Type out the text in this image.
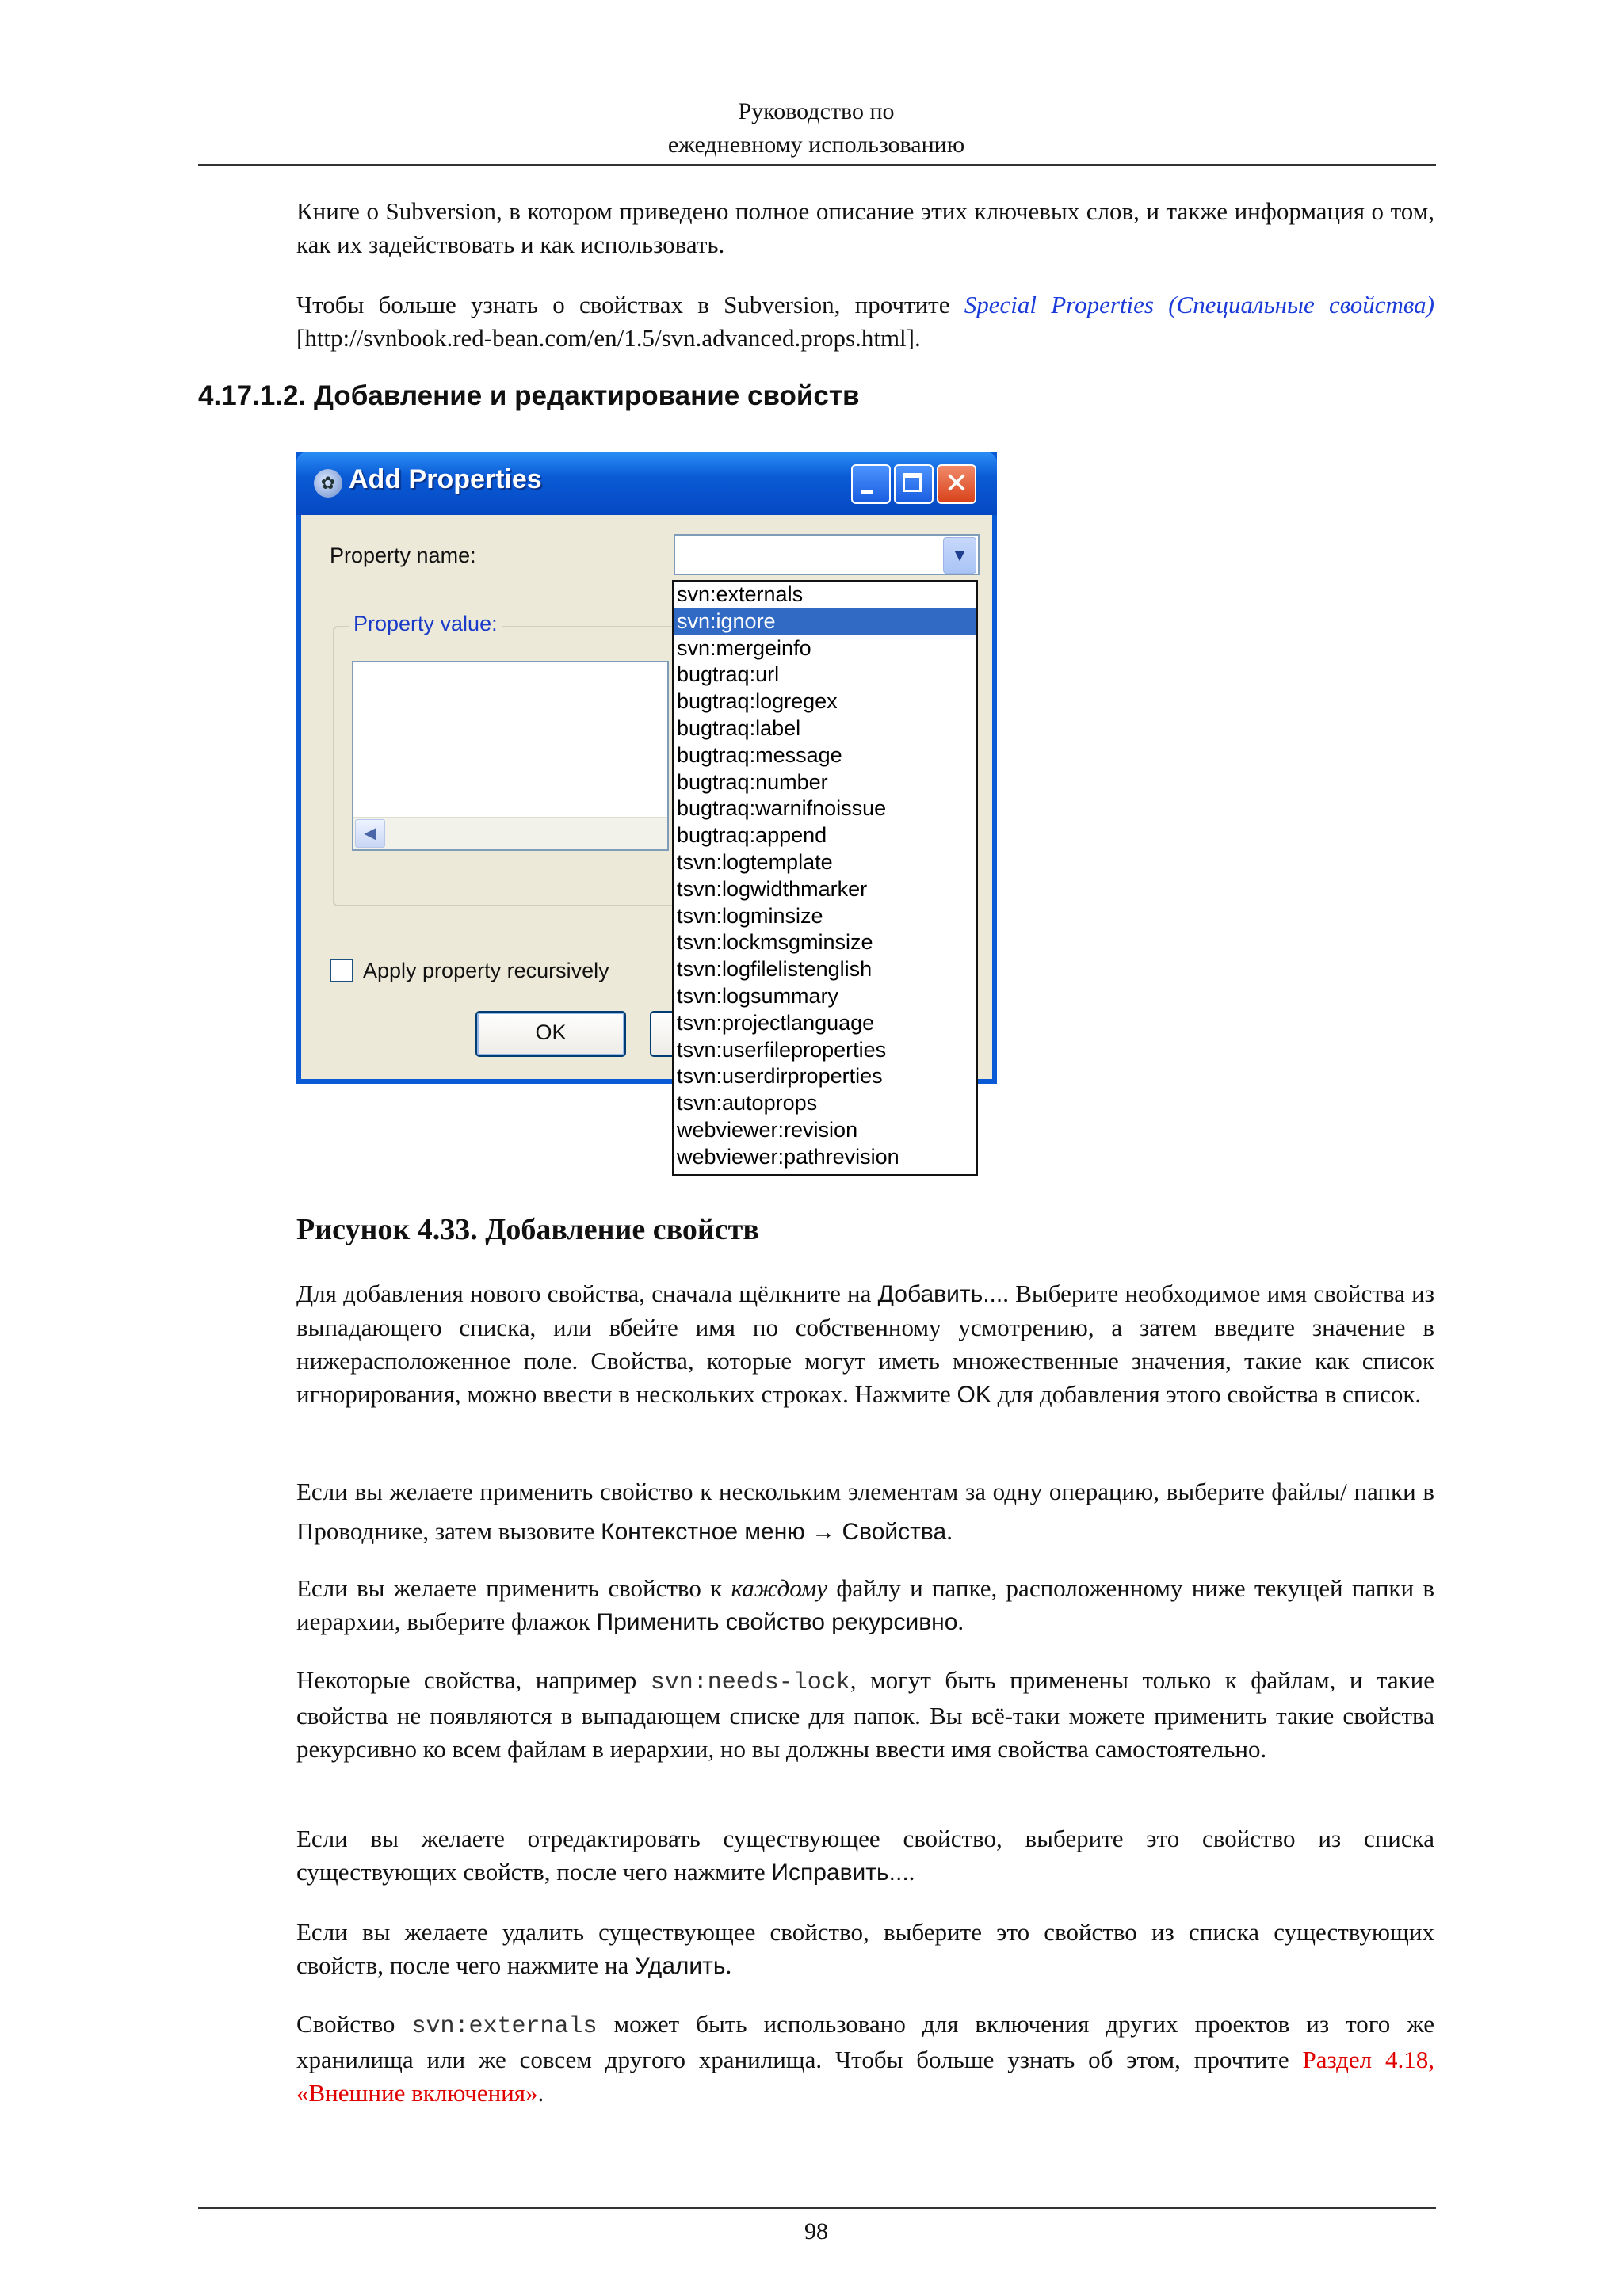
Руководство по
ежедневному использованию

Книге о Subversion, в котором приведено полное описание этих ключевых слов, и также информация о том, как их задействовать и как использовать.

Чтобы больше узнать о свойствах в Subversion, прочтите Special Properties (Специальные свойства) [http://svnbook.red-bean.com/en/1.5/svn.advanced.props.html].

4.17.1.2. Добавление и редактирование свойств
✿ Add Properties	✕
Property name:	▼
Property value:
◀
Apply property recursively
OK
svn:externals
svn:ignore
svn:mergeinfo
bugtraq:url
bugtraq:logregex
bugtraq:label
bugtraq:message
bugtraq:number
bugtraq:warnifnoissue
bugtraq:append
tsvn:logtemplate
tsvn:logwidthmarker
tsvn:logminsize
tsvn:lockmsgminsize
tsvn:logfilelistenglish
tsvn:logsummary
tsvn:projectlanguage
tsvn:userfileproperties
tsvn:userdirproperties
tsvn:autoprops
webviewer:revision
webviewer:pathrevision
Рисунок 4.33. Добавление свойств

Для добавления нового свойства, сначала щёлкните на Добавить.... Выберите необходимое имя свойства из выпадающего списка, или вбейте имя по собственному усмотрению, а затем введите значение в нижерасположенное поле. Свойства, которые могут иметь множественные значения, такие как список игнорирования, можно ввести в нескольких строках. Нажмите OK для добавления этого свойства в список.

Если вы желаете применить свойство к нескольким элементам за одну операцию, выберите файлы/ папки в Проводнике, затем вызовите Контекстное меню → Свойства.

Если вы желаете применить свойство к каждому файлу и папке, расположенному ниже текущей папки в иерархии, выберите флажок Применить свойство рекурсивно.

Некоторые свойства, например svn:needs-lock, могут быть применены только к файлам, и такие свойства не появляются в выпадающем списке для папок. Вы всё-таки можете применить такие свойства рекурсивно ко всем файлам в иерархии, но вы должны ввести имя свойства самостоятельно.

Если вы желаете отредактировать существующее свойство, выберите это свойство из списка существующих свойств, после чего нажмите Исправить....

Если вы желаете удалить существующее свойство, выберите это свойство из списка существующих свойств, после чего нажмите на Удалить.

Свойство svn:externals может быть использовано для включения других проектов из того же хранилища или же совсем другого хранилища. Чтобы больше узнать об этом, прочтите Раздел 4.18, «Внешние включения».

98
